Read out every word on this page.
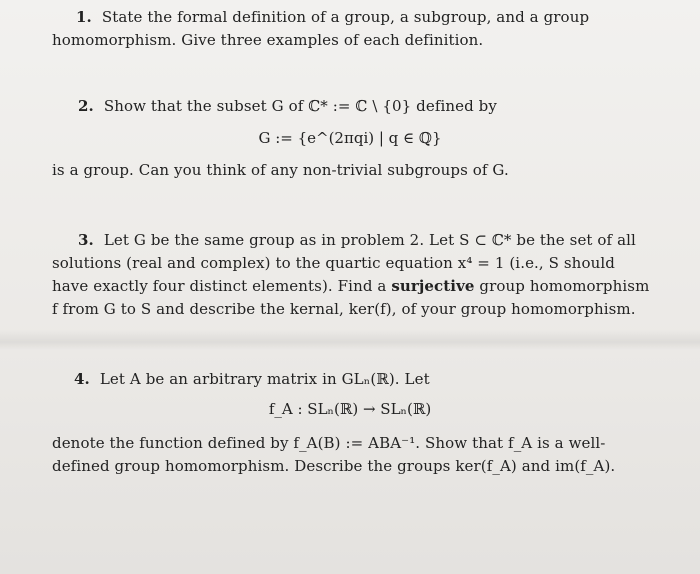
1. State the formal definition of a group, a subgroup, and a group homomorphism. Give three examples of each definition.
2. Show that the subset G of ℂ* := ℂ \ {0} defined by
G := {e^(2πqi) | q ∈ ℚ}
is a group. Can you think of any non-trivial subgroups of G.
3. Let G be the same group as in problem 2. Let S ⊂ ℂ* be the set of all solutions (real and complex) to the quartic equation x⁴ = 1 (i.e., S should have exactly four distinct elements). Find a surjective group homomorphism f from G to S and describe the kernal, ker(f), of your group homomorphism.
4. Let A be an arbitrary matrix in GLₙ(ℝ). Let
f_A : SLₙ(ℝ) → SLₙ(ℝ)
denote the function defined by f_A(B) := ABA⁻¹. Show that f_A is a well-defined group homomorphism. Describe the groups ker(f_A) and im(f_A).
